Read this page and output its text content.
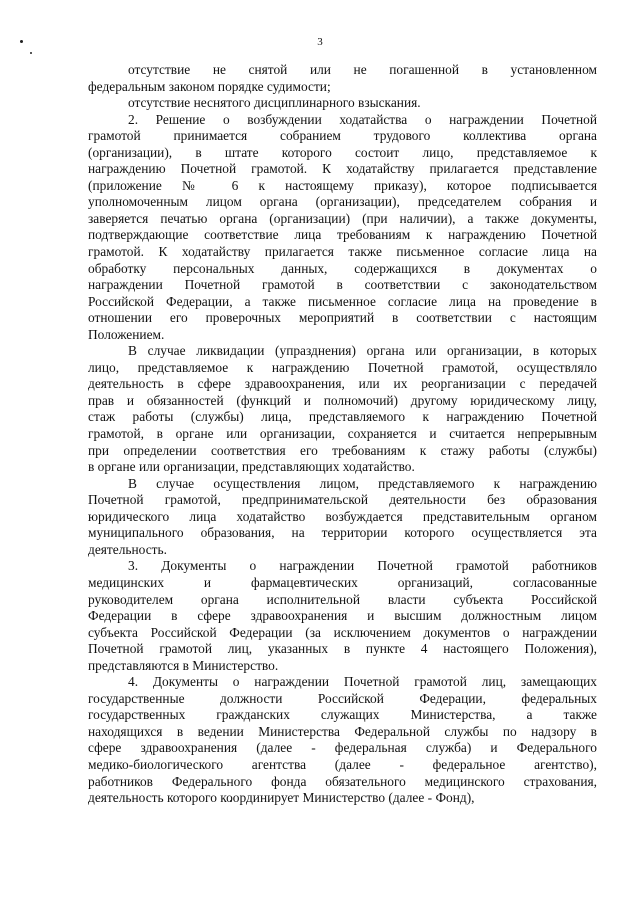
3
отсутствие не снятой или не погашенной в установленном
федеральным законом порядке судимости;
отсутствие неснятого дисциплинарного взыскания.
2. Решение о возбуждении ходатайства о награждении Почетной
грамотой принимается собранием трудового коллектива органа
(организации), в штате которого состоит лицо, представляемое к
награждению Почетной грамотой. К ходатайству прилагается представление
(приложение № 6 к настоящему приказу), которое подписывается
уполномоченным лицом органа (организации), председателем собрания и
заверяется печатью органа (организации) (при наличии), а также документы,
подтверждающие соответствие лица требованиям к награждению Почетной
грамотой. К ходатайству прилагается также письменное согласие лица на
обработку персональных данных, содержащихся в документах о
награждении Почетной грамотой в соответствии с законодательством
Российской Федерации, а также письменное согласие лица на проведение в
отношении его проверочных мероприятий в соответствии с настоящим
Положением.
В случае ликвидации (упразднения) органа или организации, в которых
лицо, представляемое к награждению Почетной грамотой, осуществляло
деятельность в сфере здравоохранения, или их реорганизации с передачей
прав и обязанностей (функций и полномочий) другому юридическому лицу,
стаж работы (службы) лица, представляемого к награждению Почетной
грамотой, в органе или организации, сохраняется и считается непрерывным
при определении соответствия его требованиям к стажу работы (службы)
в органе или организации, представляющих ходатайство.
В случае осуществления лицом, представляемого к награждению
Почетной грамотой, предпринимательской деятельности без образования
юридического лица ходатайство возбуждается представительным органом
муниципального образования, на территории которого осуществляется эта
деятельность.
3. Документы о награждении Почетной грамотой работников
медицинских и фармацевтических организаций, согласованные
руководителем органа исполнительной власти субъекта Российской
Федерации в сфере здравоохранения и высшим должностным лицом
субъекта Российской Федерации (за исключением документов о награждении
Почетной грамотой лиц, указанных в пункте 4 настоящего Положения),
представляются в Министерство.
4. Документы о награждении Почетной грамотой лиц, замещающих
государственные должности Российской Федерации, федеральных
государственных гражданских служащих Министерства, а также
находящихся в ведении Министерства Федеральной службы по надзору в
сфере здравоохранения (далее - федеральная служба) и Федерального
медико-биологического агентства (далее - федеральное агентство),
работников Федерального фонда обязательного медицинского страхования,
деятельность которого координирует Министерство (далее - Фонд),
